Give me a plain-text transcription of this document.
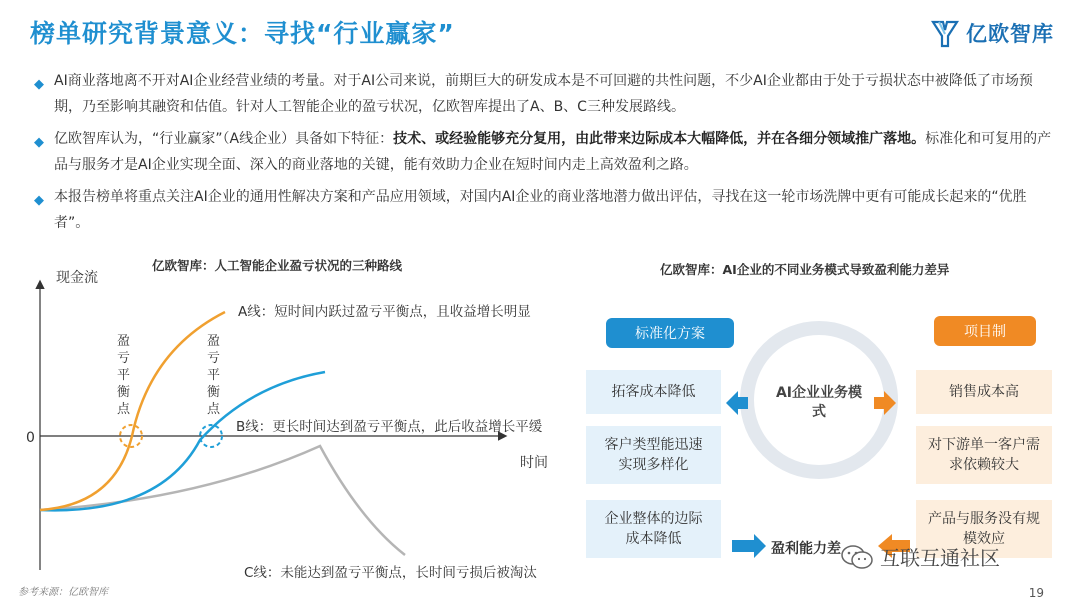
榜单研究背景意义：寻找“行业赢家”	亿欧智库
◆ AI商业落地离不开对AI企业经营业绩的考量。对于AI公司来说，前期巨大的研发成本是不可回避的共性问题，不少AI企业都由于处于亏损状态中被降低了市场预期，乃至影响其融资和估值。针对人工智能企业的盈亏状况，亿欧智库提出了A、B、C三种发展路线。
◆ 亿欧智库认为，“行业赢家”（A线企业）具备如下特征：技术、或经验能够充分复用，由此带来边际成本大幅降低，并在各细分领域推广落地。标准化和可复用的产品与服务才是AI企业实现全面、深入的商业落地的关键，能有效助力企业在短时间内走上高效盈利之路。
◆ 本报告榜单将重点关注AI企业的通用性解决方案和产品应用领域，对国内AI企业的商业落地潜力做出评估，寻找在这一轮市场洗牌中更有可能成长起来的“优胜者”。
亿欧智库：人工智能企业盈亏状况的三种路线
现金流
时间
0
盈亏平衡点
盈亏平衡点
A线：短时间内跃过盈亏平衡点，且收益增长明显
B线：更长时间达到盈亏平衡点，此后收益增长平缓
C线：未能达到盈亏平衡点，长时间亏损后被淘汰
亿欧智库：AI企业的不同业务模式导致盈利能力差异
标准化方案	项目制
AI企业业务模式
拓客成本降低
客户类型能迅速实现多样化
企业整体的边际成本降低
销售成本高
对下游单一客户需求依赖较大
产品与服务没有规模效应
盈利能力差 互联互通社区
参考来源：亿欧智库	19
